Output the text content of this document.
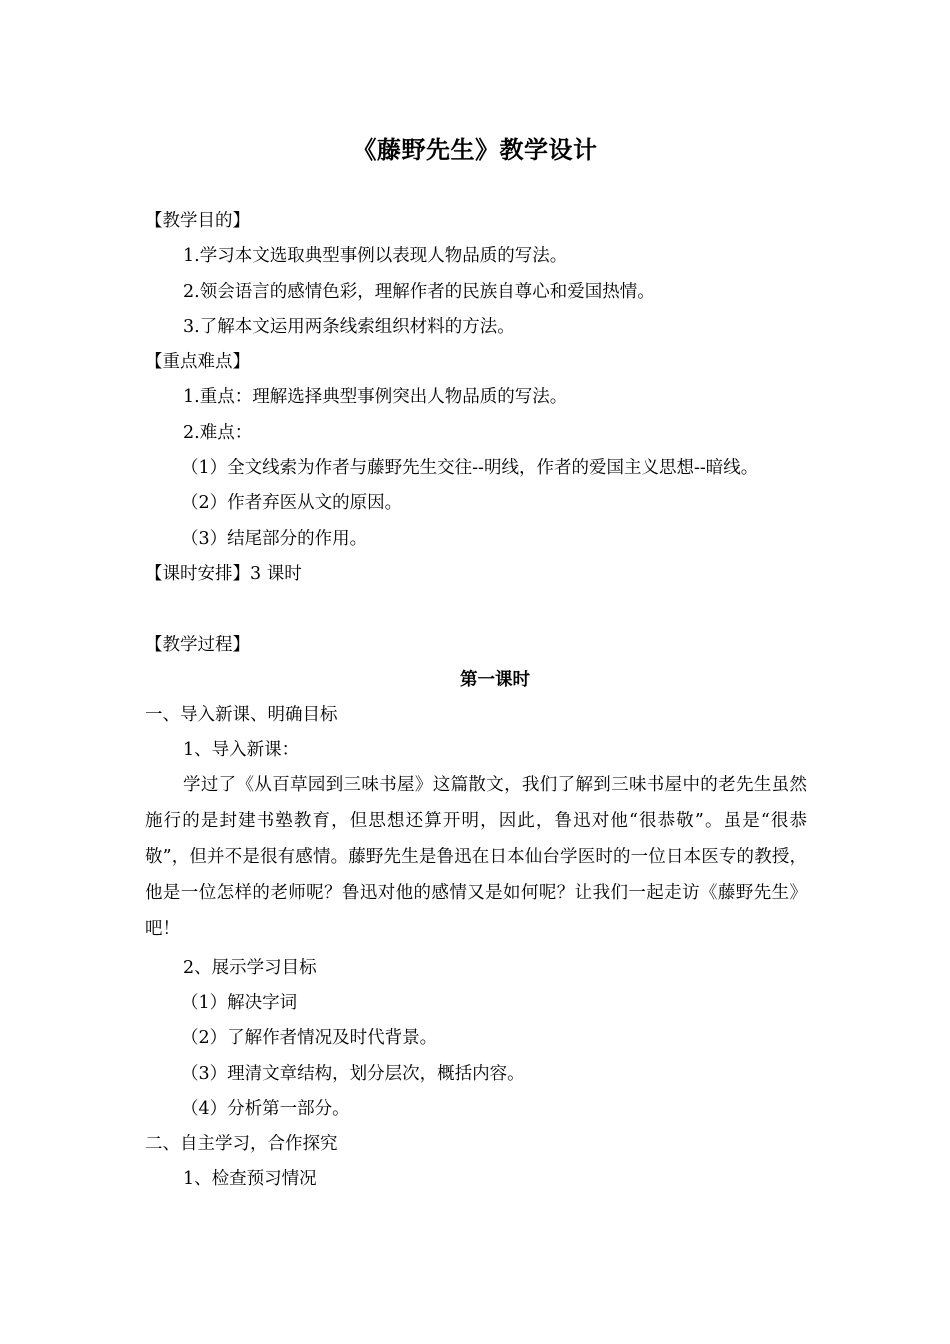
《藤野先生》教学设计
【教学目的】
1.学习本文选取典型事例以表现人物品质的写法。
2.领会语言的感情色彩，理解作者的民族自尊心和爱国热情。
3.了解本文运用两条线索组织材料的方法。
【重点难点】
1.重点：理解选择典型事例突出人物品质的写法。
2.难点：
（1）全文线索为作者与藤野先生交往--明线，作者的爱国主义思想--暗线。
（2）作者弃医从文的原因。
（3）结尾部分的作用。
【课时安排】3 课时
【教学过程】
第一课时
一、导入新课、明确目标
1、导入新课：
学过了《从百草园到三味书屋》这篇散文，我们了解到三味书屋中的老先生虽然施行的是封建书塾教育，但思想还算开明，因此，鲁迅对他“很恭敬”。虽是“很恭敬”，但并不是很有感情。藤野先生是鲁迅在日本仙台学医时的一位日本医专的教授，他是一位怎样的老师呢？鲁迅对他的感情又是如何呢？让我们一起走访《藤野先生》吧！
2、展示学习目标
（1）解决字词
（2）了解作者情况及时代背景。
（3）理清文章结构，划分层次，概括内容。
（4）分析第一部分。
二、自主学习，合作探究
1、检查预习情况
